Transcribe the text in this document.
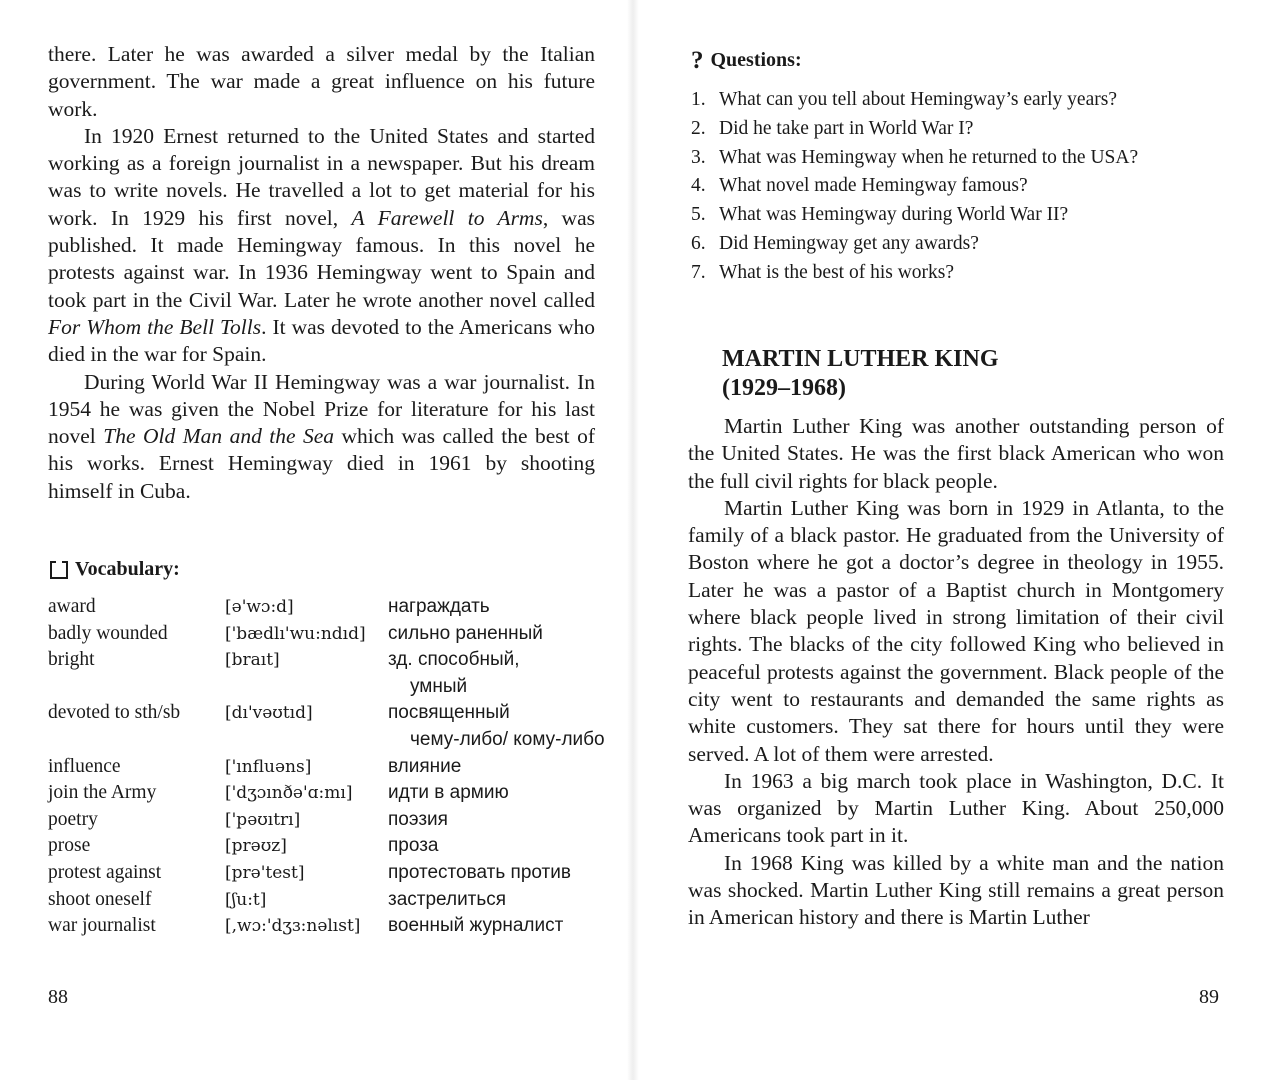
there. Later he was awarded a silver medal by the Italian government. The war made a great influence on his future work.

In 1920 Ernest returned to the United States and started working as a foreign journalist in a newspaper. But his dream was to write novels. He travelled a lot to get material for his work. In 1929 his first novel, A Farewell to Arms, was published. It made Hemingway famous. In this novel he protests against war. In 1936 Hemingway went to Spain and took part in the Civil War. Later he wrote another novel called For Whom the Bell Tolls. It was devoted to the Americans who died in the war for Spain.

During World War II Hemingway was a war journalist. In 1954 he was given the Nobel Prize for literature for his last novel The Old Man and the Sea which was called the best of his works. Ernest Hemingway died in 1961 by shooting himself in Cuba.

Vocabulary:
award	[ə'wɔ:d]	награждать
badly wounded	['bædlı'wu:ndıd]	сильно раненный
bright	[braıt]	зд. способный,
умный
devoted to sth/sb	[dı'vəʊtıd]	посвященный
чему-либо/ кому-либо
influence	['ınfluəns]	влияние
join the Army	['dʒɔınðə'ɑ:mı]	идти в армию
poetry	['pəʊıtrı]	поэзия
prose	[prəʊz]	проза
protest against	[prə'test]	протестовать против
shoot oneself	[ʃu:t]	застрелиться
war journalist	[,wɔ:'dʒɜ:nəlıst]	военный журналист
88
? Questions:
1. What can you tell about Hemingway’s early years?
2. Did he take part in World War I?
3. What was Hemingway when he returned to the USA?
4. What novel made Hemingway famous?
5. What was Hemingway during World War II?
6. Did Hemingway get any awards?
7. What is the best of his works?
MARTIN LUTHER KING
(1929–1968)

Martin Luther King was another outstanding person of the United States. He was the first black American who won the full civil rights for black people.

Martin Luther King was born in 1929 in Atlanta, to the family of a black pastor. He graduated from the University of Boston where he got a doctor’s degree in theology in 1955. Later he was a pastor of a Baptist church in Montgomery where black people lived in strong limitation of their civil rights. The blacks of the city followed King who believed in peaceful protests against the government. Black people of the city went to restaurants and demanded the same rights as white customers. They sat there for hours until they were served. A lot of them were arrested.

In 1963 a big march took place in Washington, D.C. It was organized by Martin Luther King. About 250,000 Americans took part in it.

In 1968 King was killed by a white man and the nation was shocked. Martin Luther King still remains a great person in American history and there is Martin Luther

89
